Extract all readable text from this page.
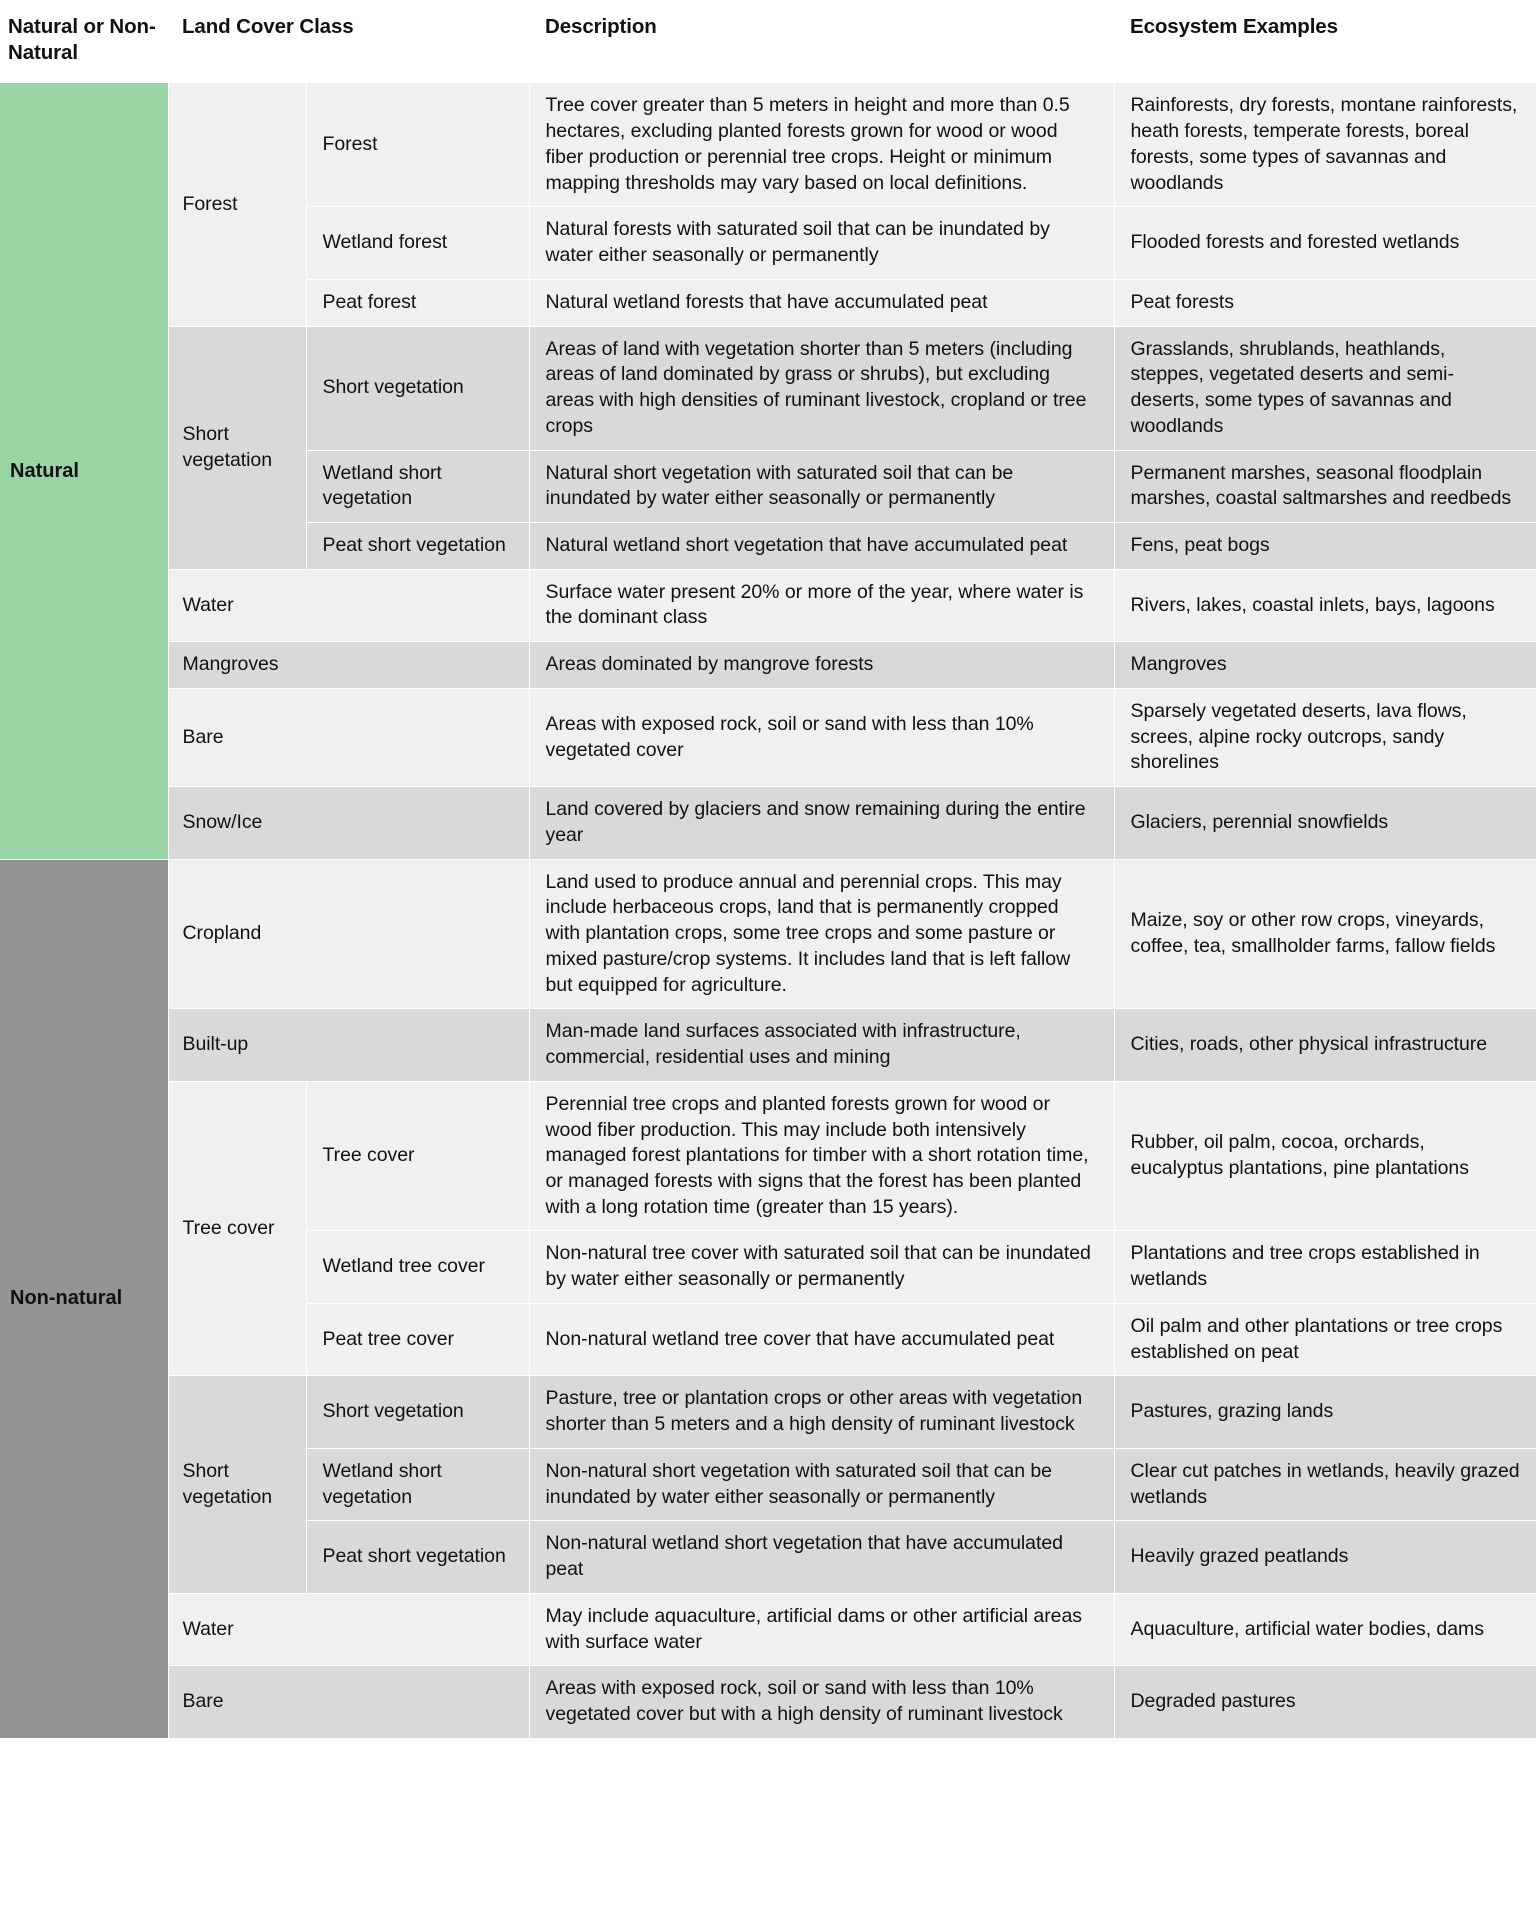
Natural or Non-Natural	Land Cover Class		Description	Ecosystem Examples
Natural	Forest	Forest	Tree cover greater than 5 meters in height and more than 0.5 hectares, excluding planted forests grown for wood or wood fiber production or perennial tree crops. Height or minimum mapping thresholds may vary based on local definitions.	Rainforests, dry forests, montane rainforests, heath forests, temperate forests, boreal forests, some types of savannas and woodlands
		Wetland forest	Natural forests with saturated soil that can be inundated by water either seasonally or permanently	Flooded forests and forested wetlands
		Peat forest	Natural wetland forests that have accumulated peat	Peat forests
	Short vegetation	Short vegetation	Areas of land with vegetation shorter than 5 meters (including areas of land dominated by grass or shrubs), but excluding areas with high densities of ruminant livestock, cropland or tree crops	Grasslands, shrublands, heathlands, steppes, vegetated deserts and semi-deserts, some types of savannas and woodlands
		Wetland short vegetation	Natural short vegetation with saturated soil that can be inundated by water either seasonally or permanently	Permanent marshes, seasonal floodplain marshes, coastal saltmarshes and reedbeds
		Peat short vegetation	Natural wetland short vegetation that have accumulated peat	Fens, peat bogs
	Water		Surface water present 20% or more of the year, where water is the dominant class	Rivers, lakes, coastal inlets, bays, lagoons
	Mangroves		Areas dominated by mangrove forests	Mangroves
	Bare		Areas with exposed rock, soil or sand with less than 10% vegetated cover	Sparsely vegetated deserts, lava flows, screes, alpine rocky outcrops, sandy shorelines
	Snow/Ice		Land covered by glaciers and snow remaining during the entire year	Glaciers, perennial snowfields
Non-natural	Cropland		Land used to produce annual and perennial crops. This may include herbaceous crops, land that is permanently cropped with plantation crops, some tree crops and some pasture or mixed pasture/crop systems. It includes land that is left fallow but equipped for agriculture.	Maize, soy or other row crops, vineyards, coffee, tea, smallholder farms, fallow fields
	Built-up		Man-made land surfaces associated with infrastructure, commercial, residential uses and mining	Cities, roads, other physical infrastructure
	Tree cover	Tree cover	Perennial tree crops and planted forests grown for wood or wood fiber production. This may include both intensively managed forest plantations for timber with a short rotation time, or managed forests with signs that the forest has been planted with a long rotation time (greater than 15 years).	Rubber, oil palm, cocoa, orchards, eucalyptus plantations, pine plantations
		Wetland tree cover	Non-natural tree cover with saturated soil that can be inundated by water either seasonally or permanently	Plantations and tree crops established in wetlands
		Peat tree cover	Non-natural wetland tree cover that have accumulated peat	Oil palm and other plantations or tree crops established on peat
	Short vegetation	Short vegetation	Pasture, tree or plantation crops or other areas with vegetation shorter than 5 meters and a high density of ruminant livestock	Pastures, grazing lands
		Wetland short vegetation	Non-natural short vegetation with saturated soil that can be inundated by water either seasonally or permanently	Clear cut patches in wetlands, heavily grazed wetlands
		Peat short vegetation	Non-natural wetland short vegetation that have accumulated peat	Heavily grazed peatlands
	Water		May include aquaculture, artificial dams or other artificial areas with surface water	Aquaculture, artificial water bodies, dams
	Bare		Areas with exposed rock, soil or sand with less than 10% vegetated cover but with a high density of ruminant livestock	Degraded pastures
